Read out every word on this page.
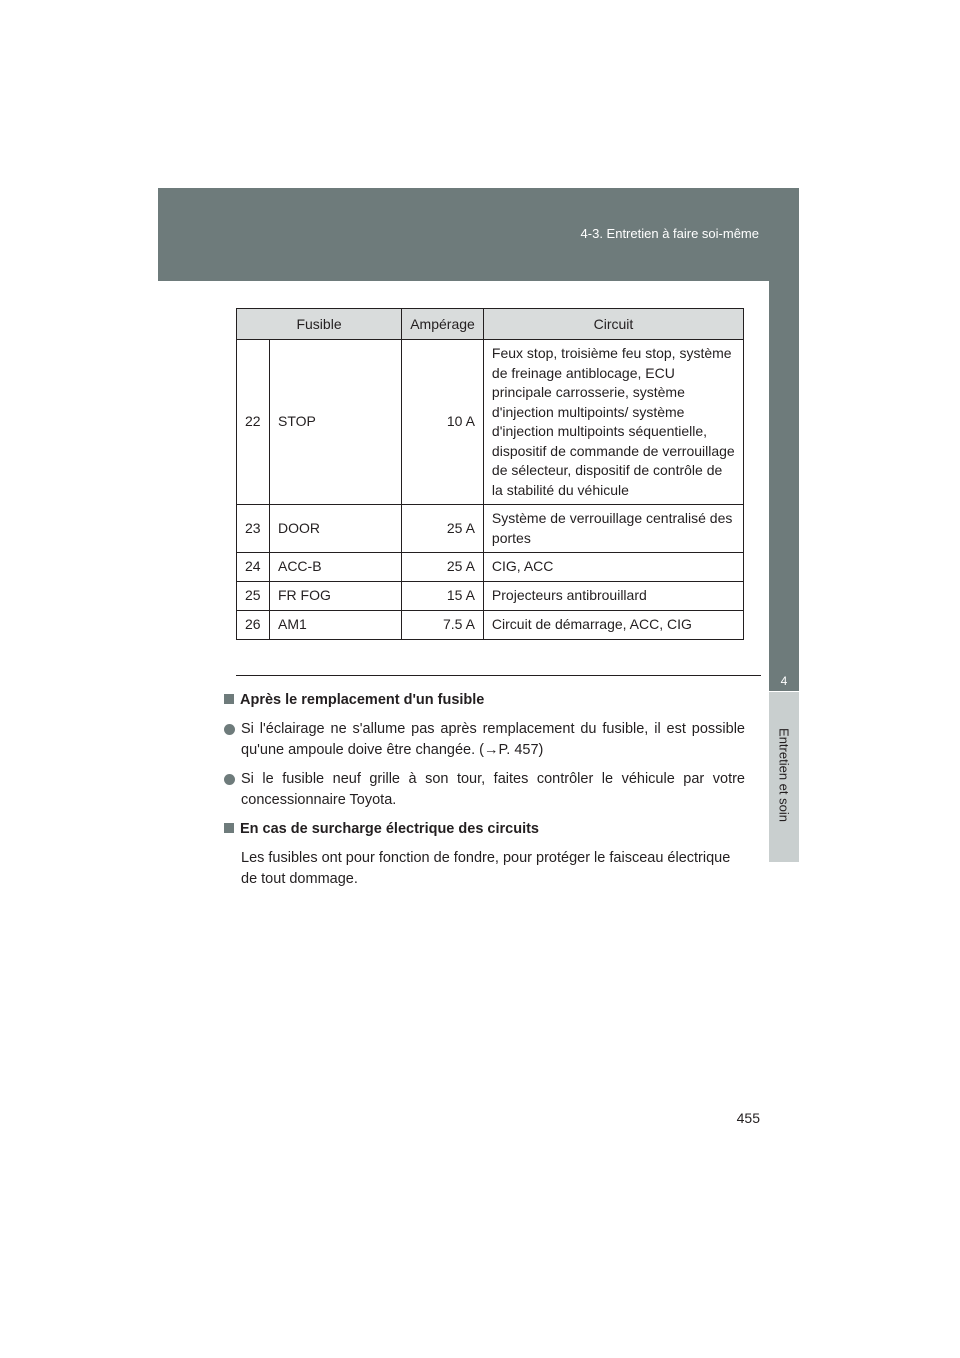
4-3. Entretien à faire soi-même
4
Entretien et soin
Fusible		Ampérage	Circuit
22	STOP	10 A	Feux stop, troisième feu stop, système de freinage antiblocage, ECU principale carrosserie, système d'injection multipoints/ système d'injection multipoints séquentielle, dispositif de commande de verrouillage de sélecteur, dispositif de contrôle de la stabilité du véhicule
23	DOOR	25 A	Système de verrouillage centralisé des portes
24	ACC-B	25 A	CIG, ACC
25	FR FOG	15 A	Projecteurs antibrouillard
26	AM1	7.5 A	Circuit de démarrage, ACC, CIG
Après le remplacement d'un fusible
Si l'éclairage ne s'allume pas après remplacement du fusible, il est possible qu'une ampoule doive être changée. (→P. 457)
Si le fusible neuf grille à son tour, faites contrôler le véhicule par votre concessionnaire Toyota.
En cas de surcharge électrique des circuits
Les fusibles ont pour fonction de fondre, pour protéger le faisceau électrique de tout dommage.
455
